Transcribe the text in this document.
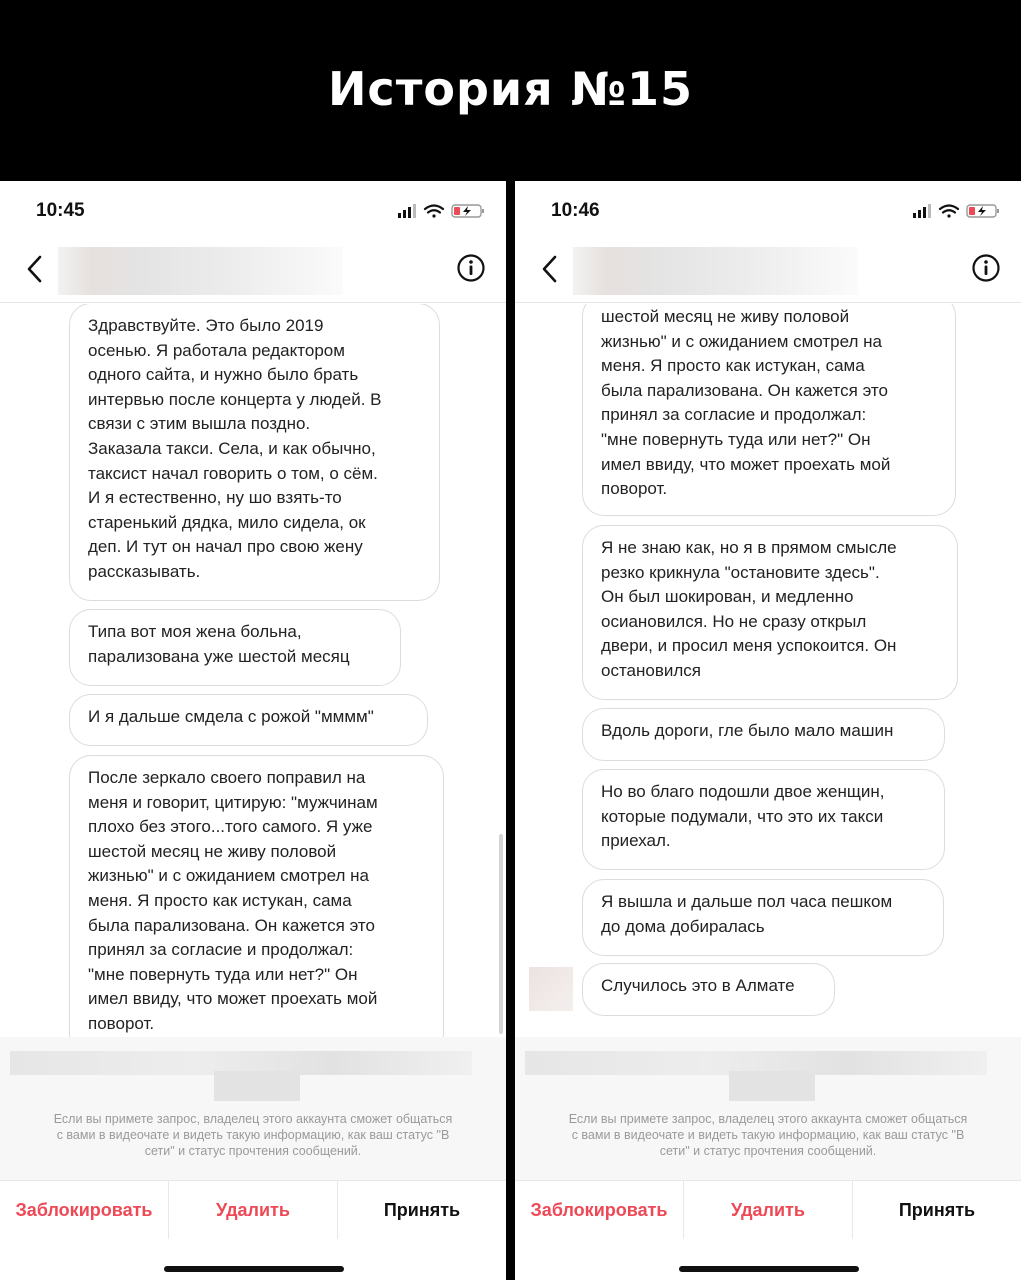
История №15
10:45
Здравствуйте. Это было 2019
осенью. Я работала редактором
одного сайта, и нужно было брать
интервью после концерта у людей. В
связи с этим вышла поздно.
Заказала такси. Села, и как обычно,
таксист начал говорить о том, о сём.
И я естественно, ну шо взять-то
старенький дядка, мило сидела, ок
деп. И тут он начал про свою жену
рассказывать.
Типа вот моя жена больна,
парализована уже шестой месяц
И я дальше смдела с рожой "мммм"
После зеркало своего поправил на
меня и говорит, цитирую: "мужчинам
плохо без этого...того самого. Я уже
шестой месяц не живу половой
жизнью" и с ожиданием смотрел на
меня. Я просто как истукан, сама
была парализована. Он кажется это
принял за согласие и продолжал:
"мне повернуть туда или нет?" Он
имел ввиду, что может проехать мой
поворот.
Если вы примете запрос, владелец этого аккаунта сможет общаться
с вами в видеочате и видеть такую информацию, как ваш статус "В
сети" и статус прочтения сообщений.
Заблокировать	Удалить	Принять
10:46
шестой месяц не живу половой
жизнью" и с ожиданием смотрел на
меня. Я просто как истукан, сама
была парализована. Он кажется это
принял за согласие и продолжал:
"мне повернуть туда или нет?" Он
имел ввиду, что может проехать мой
поворот.
Я не знаю как, но я в прямом смысле
резко крикнула "остановите здесь".
Он был шокирован, и медленно
осиановился. Но не сразу открыл
двери, и просил меня успокоится. Он
остановился
Вдоль дороги, гле было мало машин
Но во благо подошли двое женщин,
которые подумали, что это их такси
приехал.
Я вышла и дальше пол часа пешком
до дома добиралась
Случилось это в Алмате
Если вы примете запрос, владелец этого аккаунта сможет общаться
с вами в видеочате и видеть такую информацию, как ваш статус "В
сети" и статус прочтения сообщений.
Заблокировать	Удалить	Принять
